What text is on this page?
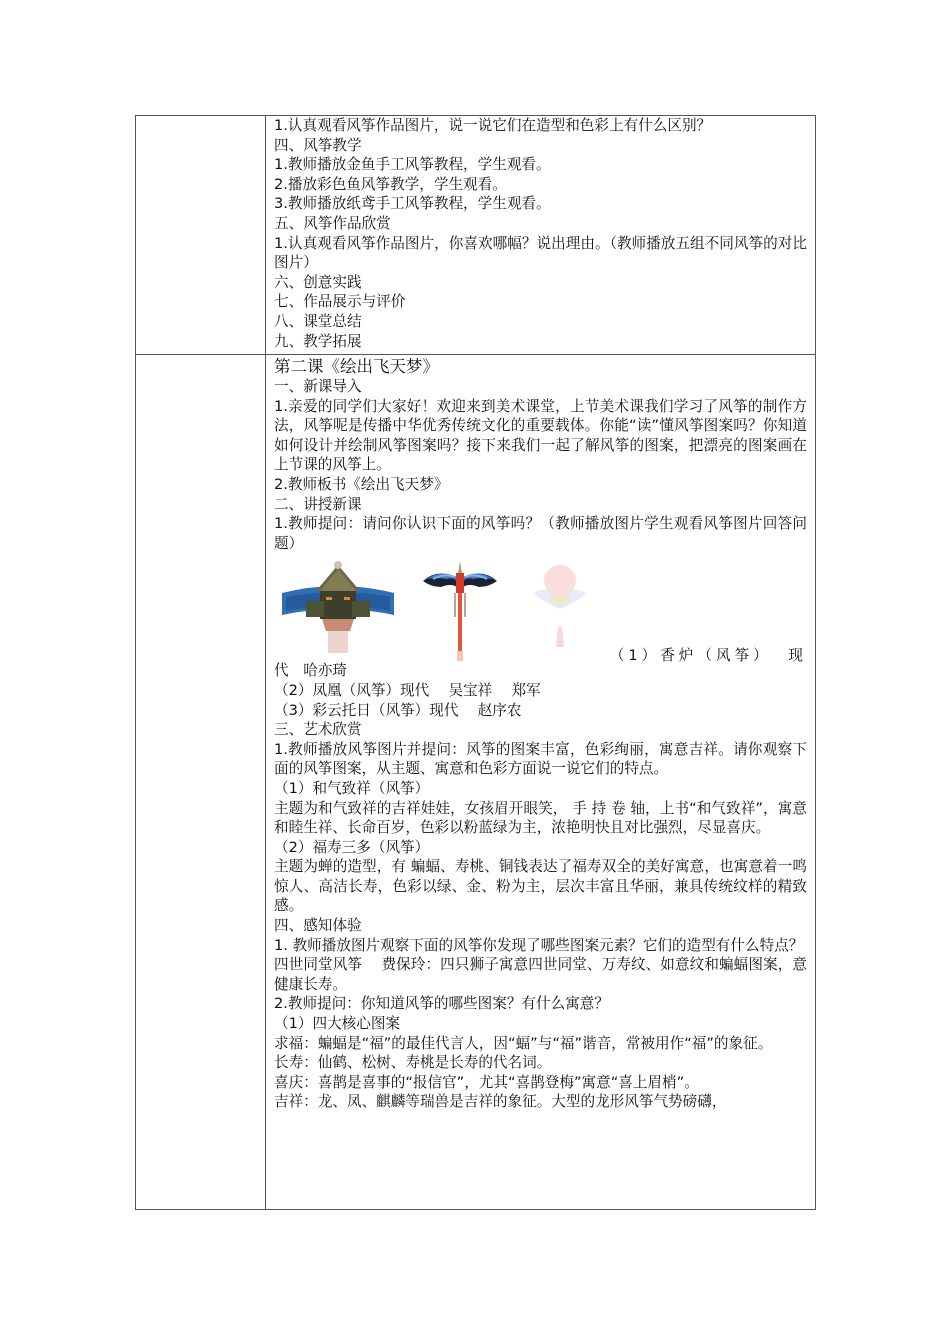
1.认真观看风筝作品图片，说一说它们在造型和色彩上有什么区别？
四、风筝教学
1.教师播放金鱼手工风筝教程，学生观看。
2.播放彩色鱼风筝教学，学生观看。
3.教师播放纸鸢手工风筝教程，学生观看。
五、风筝作品欣赏
1.认真观看风筝作品图片，你喜欢哪幅？说出理由。（教师播放五组不同风筝的对比图片）
六、创意实践
七、作品展示与评价
八、课堂总结
九、教学拓展

第二课《绘出飞天梦》
一、新课导入
1.亲爱的同学们大家好！欢迎来到美术课堂，上节美术课我们学习了风筝的制作方法，风筝呢是传播中华优秀传统文化的重要载体。你能“读”懂风筝图案吗？你知道如何设计并绘制风筝图案吗？接下来我们一起了解风筝的图案，把漂亮的图案画在上节课的风筝上。
2.教师板书《绘出飞天梦》
二、讲授新课
1.教师提问：请问你认识下面的风筝吗？（教师播放图片学生观看风筝图片回答问题）
（1）香炉（风筝） 现
代　哈亦琦
（2）凤凰（风筝）现代　 吴宝祥　 郑军
（3）彩云托日（风筝）现代　 赵序农
三、艺术欣赏
1.教师播放风筝图片并提问：风筝的图案丰富，色彩绚丽，寓意吉祥。请你观察下面的风筝图案，从主题、寓意和色彩方面说一说它们的特点。
（1）和气致祥（风筝）
主题为和气致祥的吉祥娃娃，女孩眉开眼笑， 手 持 卷 轴，上书“和气致祥”，寓意和睦生祥、长命百岁，色彩以粉蓝绿为主，浓艳明快且对比强烈，尽显喜庆。
（2）福寿三多（风筝）
主题为蝉的造型，有 蝙蝠、寿桃、铜钱表达了福寿双全的美好寓意，也寓意着一鸣惊人、高洁长寿，色彩以绿、金、粉为主，层次丰富且华丽，兼具传统纹样的精致感。
四、感知体验
1. 教师播放图片观察下面的风筝你发现了哪些图案元素？它们的造型有什么特点？
四世同堂风筝　 费保玲：四只狮子寓意四世同堂、万寿纹、如意纹和蝙蝠图案，意健康长寿。
2.教师提问：你知道风筝的哪些图案？有什么寓意？
（1）四大核心图案
求福：蝙蝠是“福”的最佳代言人，因“蝠”与“福”谐音，常被用作“福”的象征。
长寿：仙鹤、松树、寿桃是长寿的代名词。
喜庆：喜鹊是喜事的“报信官”，尤其“喜鹊登梅”寓意“喜上眉梢”。
吉祥：龙、凤、麒麟等瑞兽是吉祥的象征。大型的龙形风筝气势磅礴，
